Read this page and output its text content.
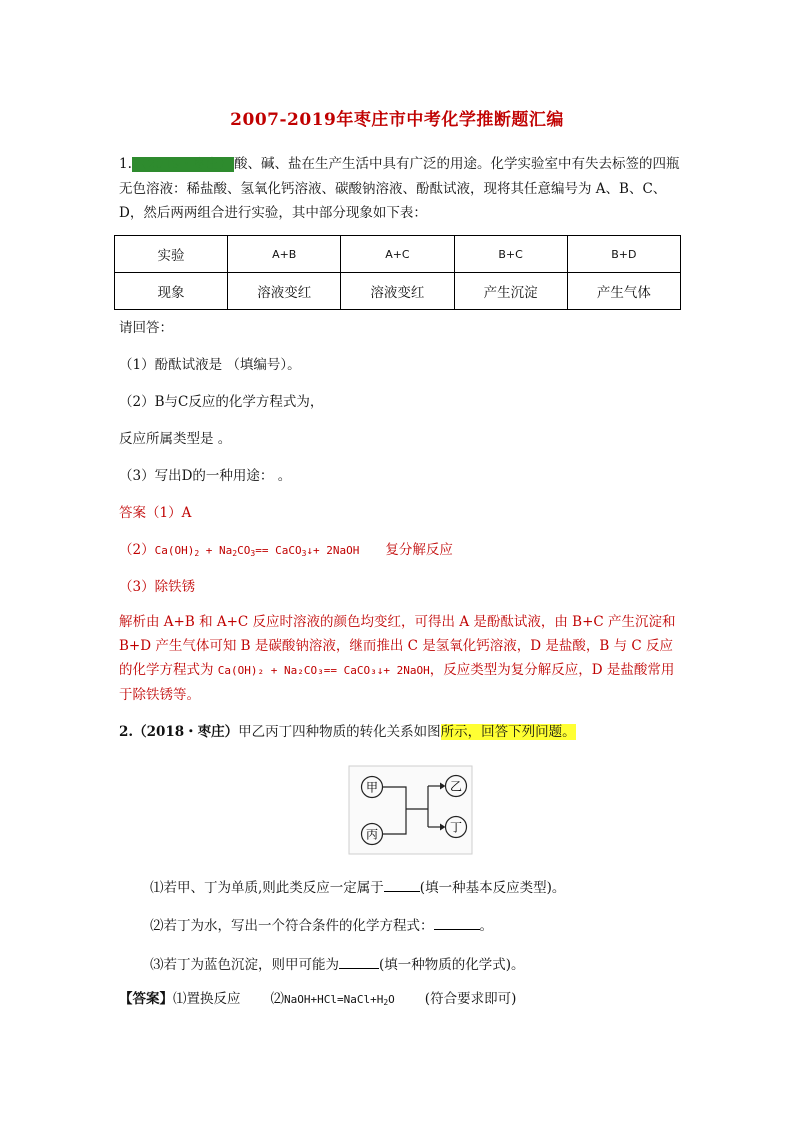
2007-2019年枣庄市中考化学推断题汇编
1. （2019・枣庄） 酸、碱、盐在生产生活中具有广泛的用途。化学实验室中有失去标签的四瓶无色溶液：稀盐酸、氢氧化钙溶液、碳酸钠溶液、酚酞试液，现将其任意编号为 A、B、C、D，然后两两组合进行实验，其中部分现象如下表：
实验	A+B	A+C	B+C	B+D
现象	溶液变红	溶液变红	产生沉淀	产生气体
请回答：
（1）酚酞试液是 （填编号）。
（2）B与C反应的化学方程式为，
反应所属类型是 。
（3）写出D的一种用途： 。
答案（1）A
$(2)Ca(OH)_2 + Na_2CO_3==$ CaCO$_3$↓+ 2NaOH 复分解反应
（3）除铁锈
解析由 A+B 和 A+C 反应时溶液的颜色均变红，可得出 A 是酚酞试液，由 B+C 产生沉淀和 B+D 产生气体可知 B 是碳酸钠溶液，继而推出 C 是氢氧化钙溶液，D 是盐酸，B 与 C 反应的化学方程式为 Ca(OH)₂ + Na₂CO₃== CaCO₃↓+ 2NaOH，反应类型为复分解反应，D 是盐酸常用于除铁锈等。
2.（2018・枣庄）甲乙丙丁四种物质的转化关系如图所示，回答下列问题。
甲
丙
乙
丁
⑴若甲、丁为单质,则此类反应一定属于	(填一种基本反应类型)。
⑵若丁为水，写出一个符合条件的化学方程式：	。
⑶若丁为蓝色沉淀，则甲可能为	(填一种物质的化学式)。
【答案】⑴置换反应 $⑵NaOH+HCl=NaCl+H_2O$ (符合要求即可)
